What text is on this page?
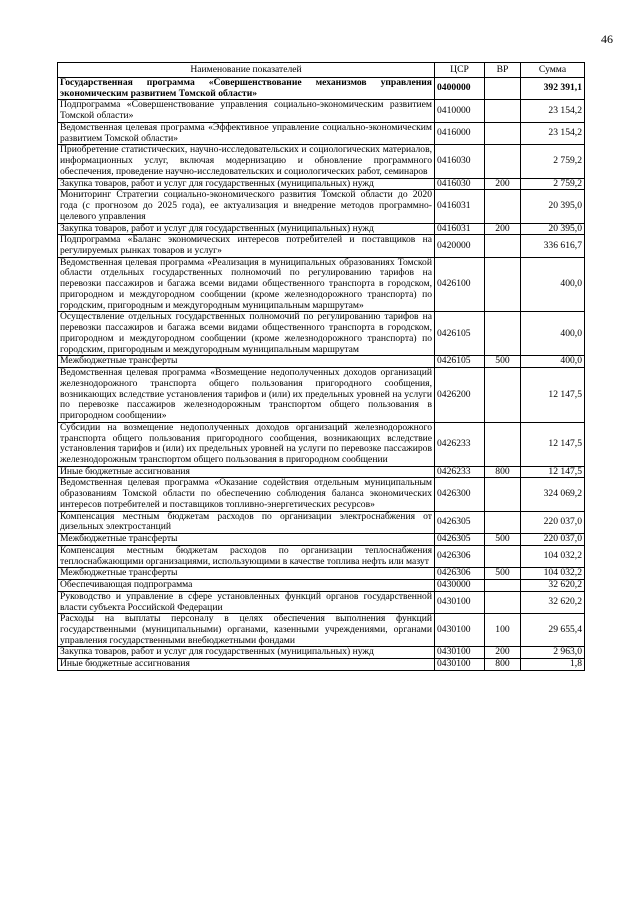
46
Наименование показателей	ЦСР	ВР	Сумма
Государственная программа «Совершенствование механизмов управления экономическим развитием Томской области»	0400000		392 391,1
Подпрограмма «Совершенствование управления социально-экономическим развитием Томской области»	0410000		23 154,2
Ведомственная целевая программа «Эффективное управление социально-экономическим развитием Томской области»	0416000		23 154,2
Приобретение статистических, научно-исследовательских и социологических материалов, информационных услуг, включая модернизацию и обновление программного обеспечения, проведение научно-исследовательских и социологических работ, семинаров	0416030		2 759,2
Закупка товаров, работ и услуг для государственных (муниципальных) нужд	0416030	200	2 759,2
Мониторинг Стратегии социально-экономического развития Томской области до 2020 года (с прогнозом до 2025 года), ее актуализация и внедрение методов программно-целевого управления	0416031		20 395,0
Закупка товаров, работ и услуг для государственных (муниципальных) нужд	0416031	200	20 395,0
Подпрограмма «Баланс экономических интересов потребителей и поставщиков на регулируемых рынках товаров и услуг»	0420000		336 616,7
Ведомственная целевая программа «Реализация в муниципальных образованиях Томской области отдельных государственных полномочий по регулированию тарифов на перевозки пассажиров и багажа всеми видами общественного транспорта в городском, пригородном и междугородном сообщении (кроме железнодорожного транспорта) по городским, пригородным и междугородным муниципальным маршрутам»	0426100		400,0
Осуществление отдельных государственных полномочий по регулированию тарифов на перевозки пассажиров и багажа всеми видами общественного транспорта в городском, пригородном и междугородном сообщении (кроме железнодорожного транспорта) по городским, пригородным и междугородным муниципальным маршрутам	0426105		400,0
Межбюджетные трансферты	0426105	500	400,0
Ведомственная целевая программа «Возмещение недополученных доходов организаций железнодорожного транспорта общего пользования пригородного сообщения, возникающих вследствие установления тарифов и (или) их предельных уровней на услуги по перевозке пассажиров железнодорожным транспортом общего пользования в пригородном сообщении»	0426200		12 147,5
Субсидии на возмещение недополученных доходов организаций железнодорожного транспорта общего пользования пригородного сообщения, возникающих вследствие установления тарифов и (или) их предельных уровней на услуги по перевозке пассажиров железнодорожным транспортом общего пользования в пригородном сообщении	0426233		12 147,5
Иные бюджетные ассигнования	0426233	800	12 147,5
Ведомственная целевая программа «Оказание содействия отдельным муниципальным образованиям Томской области по обеспечению соблюдения баланса экономических интересов потребителей и поставщиков топливно-энергетических ресурсов»	0426300		324 069,2
Компенсация местным бюджетам расходов по организации электроснабжения от дизельных электростанций	0426305		220 037,0
Межбюджетные трансферты	0426305	500	220 037,0
Компенсация местным бюджетам расходов по организации теплоснабжения теплоснабжающими организациями, использующими в качестве топлива нефть или мазут	0426306		104 032,2
Межбюджетные трансферты	0426306	500	104 032,2
Обеспечивающая подпрограмма	0430000		32 620,2
Руководство и управление в сфере установленных функций органов государственной власти субъекта Российской Федерации	0430100		32 620,2
Расходы на выплаты персоналу в целях обеспечения выполнения функций государственными (муниципальными) органами, казенными учреждениями, органами управления государственными внебюджетными фондами	0430100	100	29 655,4
Закупка товаров, работ и услуг для государственных (муниципальных) нужд	0430100	200	2 963,0
Иные бюджетные ассигнования	0430100	800	1,8
